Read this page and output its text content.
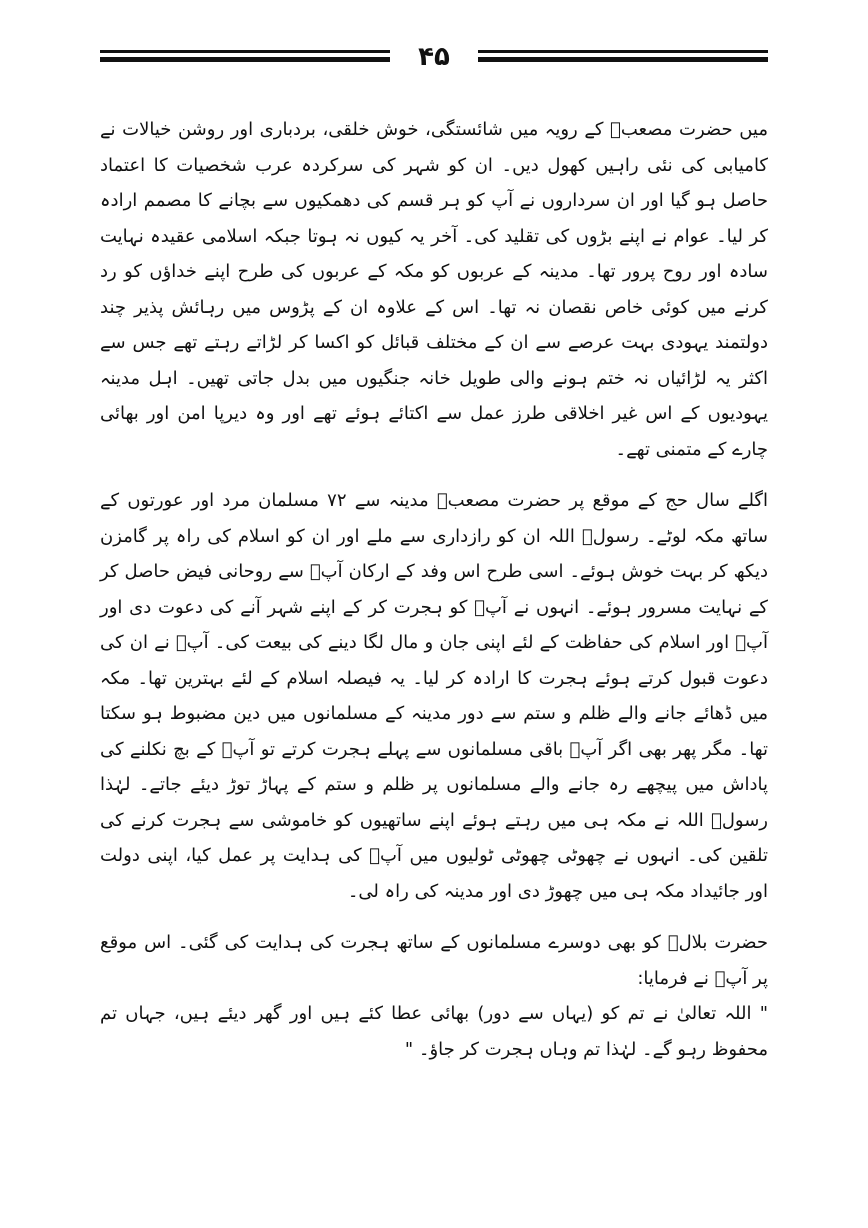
۴۵

میں حضرت مصعبؓ کے رویہ میں شائستگی، خوش خلقی، بردباری اور روشن خیالات نے کامیابی کی نئی راہیں کھول دیں۔ ان کو شہر کی سرکردہ عرب شخصیات کا اعتماد حاصل ہو گیا اور ان سرداروں نے آپ کو ہر قسم کی دھمکیوں سے بچانے کا مصمم ارادہ کر لیا۔ عوام نے اپنے بڑوں کی تقلید کی۔ آخر یہ کیوں نہ ہوتا جبکہ اسلامی عقیدہ نہایت سادہ اور روح پرور تھا۔ مدینہ کے عربوں کو مکہ کے عربوں کی طرح اپنے خداؤں کو رد کرنے میں کوئی خاص نقصان نہ تھا۔ اس کے علاوہ ان کے پڑوس میں رہائش پذیر چند دولتمند یہودی بہت عرصے سے ان کے مختلف قبائل کو اکسا کر لڑاتے رہتے تھے جس سے اکثر یہ لڑائیاں نہ ختم ہونے والی طویل خانہ جنگیوں میں بدل جاتی تھیں۔ اہل مدینہ یہودیوں کے اس غیر اخلاقی طرز عمل سے اکتائے ہوئے تھے اور وہ دیرپا امن اور بھائی چارے کے متمنی تھے۔

اگلے سال حج کے موقع پر حضرت مصعبؓ مدینہ سے ۷۲ مسلمان مرد اور عورتوں کے ساتھ مکہ لوٹے۔ رسولؐ اللہ ان کو رازداری سے ملے اور ان کو اسلام کی راہ پر گامزن دیکھ کر بہت خوش ہوئے۔ اسی طرح اس وفد کے ارکان آپؐ سے روحانی فیض حاصل کر کے نہایت مسرور ہوئے۔ انہوں نے آپؐ کو ہجرت کر کے اپنے شہر آنے کی دعوت دی اور آپؐ اور اسلام کی حفاظت کے لئے اپنی جان و مال لگا دینے کی بیعت کی۔ آپؐ نے ان کی دعوت قبول کرتے ہوئے ہجرت کا ارادہ کر لیا۔ یہ فیصلہ اسلام کے لئے بہترین تھا۔ مکہ میں ڈھائے جانے والے ظلم و ستم سے دور مدینہ کے مسلمانوں میں دین مضبوط ہو سکتا تھا۔ مگر پھر بھی اگر آپؐ باقی مسلمانوں سے پہلے ہجرت کرتے تو آپؐ کے بچ نکلنے کی پاداش میں پیچھے رہ جانے والے مسلمانوں پر ظلم و ستم کے پہاڑ توڑ دیئے جاتے۔ لہٰذا رسولؐ اللہ نے مکہ ہی میں رہتے ہوئے اپنے ساتھیوں کو خاموشی سے ہجرت کرنے کی تلقین کی۔ انہوں نے چھوٹی چھوٹی ٹولیوں میں آپؐ کی ہدایت پر عمل کیا، اپنی دولت اور جائیداد مکہ ہی میں چھوڑ دی اور مدینہ کی راہ لی۔

حضرت بلالؓ کو بھی دوسرے مسلمانوں کے ساتھ ہجرت کی ہدایت کی گئی۔ اس موقع پر آپؐ نے فرمایا:

" اللہ تعالیٰ نے تم کو (یہاں سے دور) بھائی عطا کئے ہیں اور گھر دیئے ہیں، جہاں تم محفوظ رہو گے۔ لہٰذا تم وہاں ہجرت کر جاؤ۔ "
